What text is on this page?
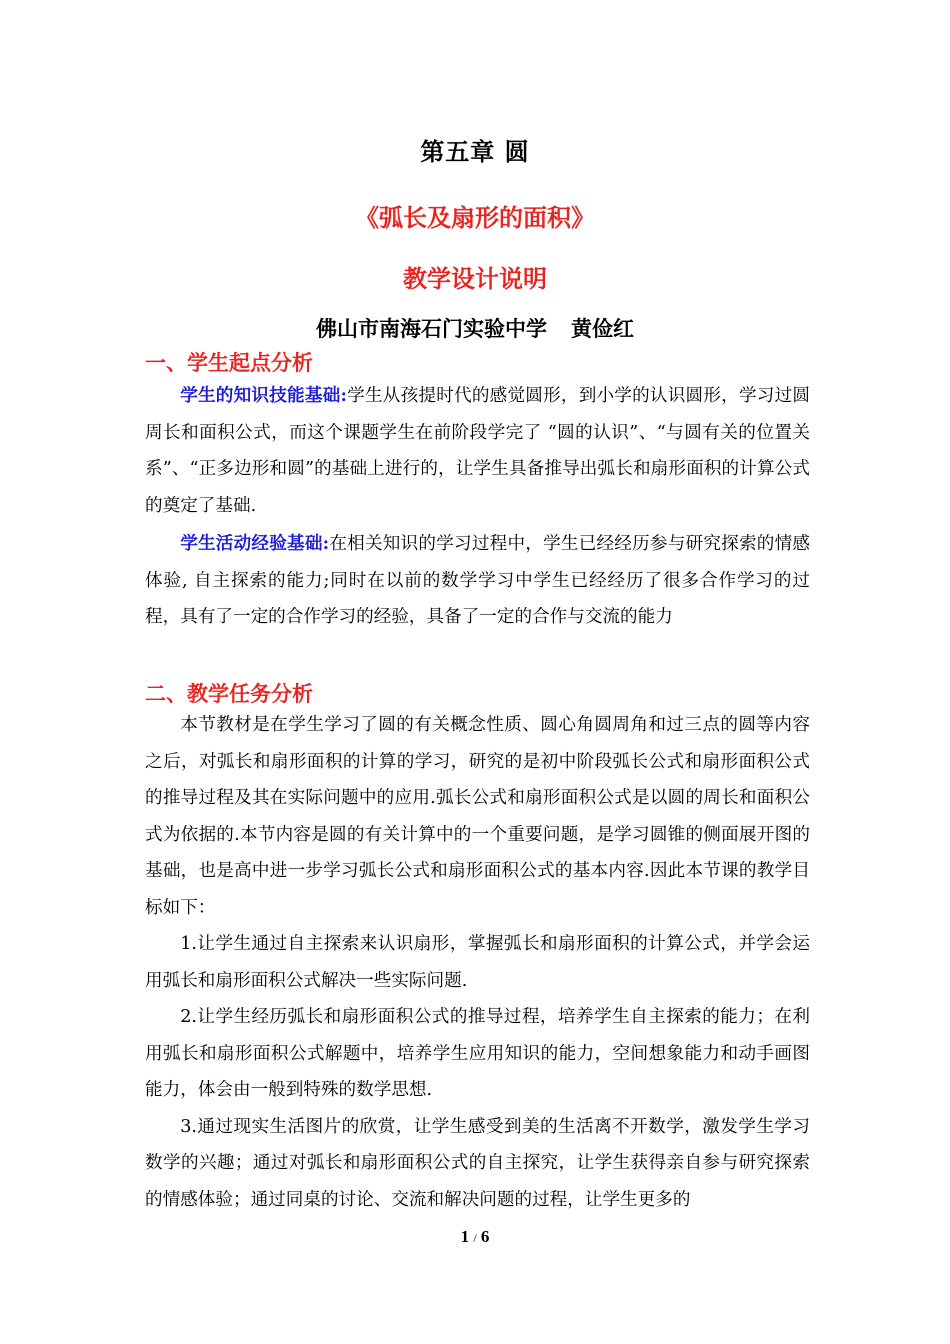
第五章 圆
《弧长及扇形的面积》
教学设计说明
佛山市南海石门实验中学 黄俭红
一、学生起点分析

学生的知识技能基础:学生从孩提时代的感觉圆形，到小学的认识圆形，学习过圆周长和面积公式，而这个课题学生在前阶段学完了 “圆的认识”、“与圆有关的位置关系”、“正多边形和圆”的基础上进行的，让学生具备推导出弧长和扇形面积的计算公式的奠定了基础.

学生活动经验基础:在相关知识的学习过程中，学生已经经历参与研究探索的情感体验, 自主探索的能力;同时在以前的数学学习中学生已经经历了很多合作学习的过程，具有了一定的合作学习的经验，具备了一定的合作与交流的能力

二、教学任务分析

本节教材是在学生学习了圆的有关概念性质、圆心角圆周角和过三点的圆等内容之后，对弧长和扇形面积的计算的学习，研究的是初中阶段弧长公式和扇形面积公式的推导过程及其在实际问题中的应用.弧长公式和扇形面积公式是以圆的周长和面积公式为依据的.本节内容是圆的有关计算中的一个重要问题，是学习圆锥的侧面展开图的基础，也是高中进一步学习弧长公式和扇形面积公式的基本内容.因此本节课的教学目标如下：

1.让学生通过自主探索来认识扇形，掌握弧长和扇形面积的计算公式，并学会运用弧长和扇形面积公式解决一些实际问题.

2.让学生经历弧长和扇形面积公式的推导过程，培养学生自主探索的能力；在利用弧长和扇形面积公式解题中，培养学生应用知识的能力，空间想象能力和动手画图能力，体会由一般到特殊的数学思想.

3.通过现实生活图片的欣赏，让学生感受到美的生活离不开数学，激发学生学习数学的兴趣；通过对弧长和扇形面积公式的自主探究，让学生获得亲自参与研究探索的情感体验；通过同桌的讨论、交流和解决问题的过程，让学生更多的

1 / 6
